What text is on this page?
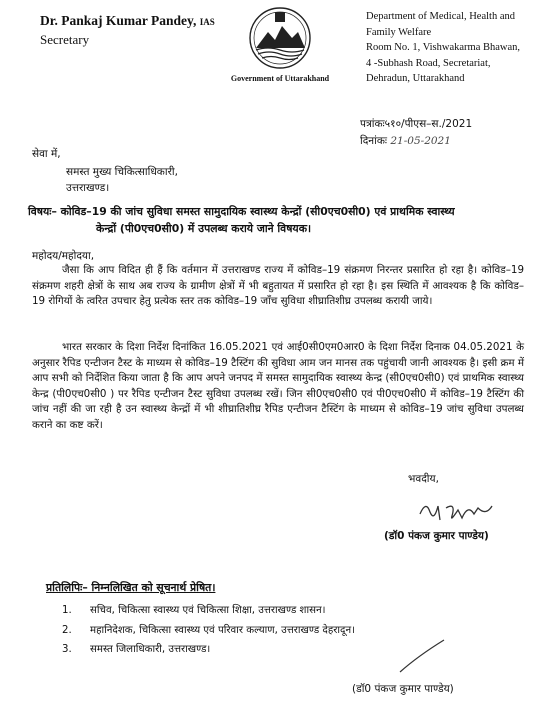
Dr. Pankaj Kumar Pandey, IAS
Secretary
Government of Uttarakhand
Department of Medical, Health and
Family Welfare
Room No. 1, Vishwakarma Bhawan,
4 -Subhash Road, Secretariat,
Dehradun, Uttarakhand
पत्रांकः५१०/पीएस–स./2021
दिनांकः 21-05-2021
सेवा में,
समस्त मुख्य चिकित्साधिकारी,
उत्तराखण्ड।
विषयः– कोविड–19 की जांच सुविधा समस्त सामुदायिक स्वास्थ्य केन्द्रों (सी0एच0सी0) एवं प्राथमिक स्वास्थ्य
केन्द्रों (पी0एच0सी0) में उपलब्ध कराये जाने विषयक।
महोदय/महोदया,
जैसा कि आप विदित ही हैं कि वर्तमान में उत्तराखण्ड राज्य में कोविड–19 संक्रमण निरन्तर प्रसारित हो रहा है। कोविड–19 संक्रमण शहरी क्षेत्रों के साथ अब राज्य के ग्रामीण क्षेत्रों में भी बहुतायत में प्रसारित हो रहा है। इस स्थिति में आवश्यक है कि कोविड–19 रोगियों के त्वरित उपचार हेतु प्रत्येक स्तर तक कोविड–19 जाँच सुविधा शीघ्रातिशीघ्र उपलब्ध करायी जाये।
भारत सरकार के दिशा निर्देश दिनांकित 16.05.2021 एवं आई0सी0एम0आर0 के दिशा निर्देश दिनाक 04.05.2021 के अनुसार रैपिड एन्टीजन टैस्ट के माध्यम से कोविड–19 टैस्टिंग की सुविधा आम जन मानस तक पहुंचायी जानी आवश्यक है। इसी क्रम में आप सभी को निर्देशित किया जाता है कि आप अपने जनपद में समस्त सामुदायिक स्वास्थ्य केन्द्र (सी0एच0सी0) एवं प्राथमिक स्वास्थ्य केन्द्र (पी0एच0सी0 ) पर रैपिड एन्टीजन टैस्ट सुविधा उपलब्ध रखें। जिन सी0एच0सी0 एवं पी0एच0सी0 में कोविड–19 टैस्टिंग की जांच नहीं की जा रही है उन स्वास्थ्य केन्द्रों में भी शीघ्रातिशीघ्र रैपिड एन्टीजन टैस्टिंग के माध्यम से कोविड–19 जांच सुविधा उपलब्ध कराने का कष्ट करें।
भवदीय,
(डॉ0 पंकज कुमार पाण्डेय)
प्रतिलिपिः– निम्नलिखित को सूचनार्थ प्रेषित।
1. सचिव, चिकित्सा स्वास्थ्य एवं चिकित्सा शिक्षा, उत्तराखण्ड शासन।
2. महानिदेशक, चिकित्सा स्वास्थ्य एवं परिवार कल्याण, उत्तराखण्ड देहरादून।
3. समस्त जिलाधिकारी, उत्तराखण्ड।
(डॉ0 पंकज कुमार पाण्डेय)
